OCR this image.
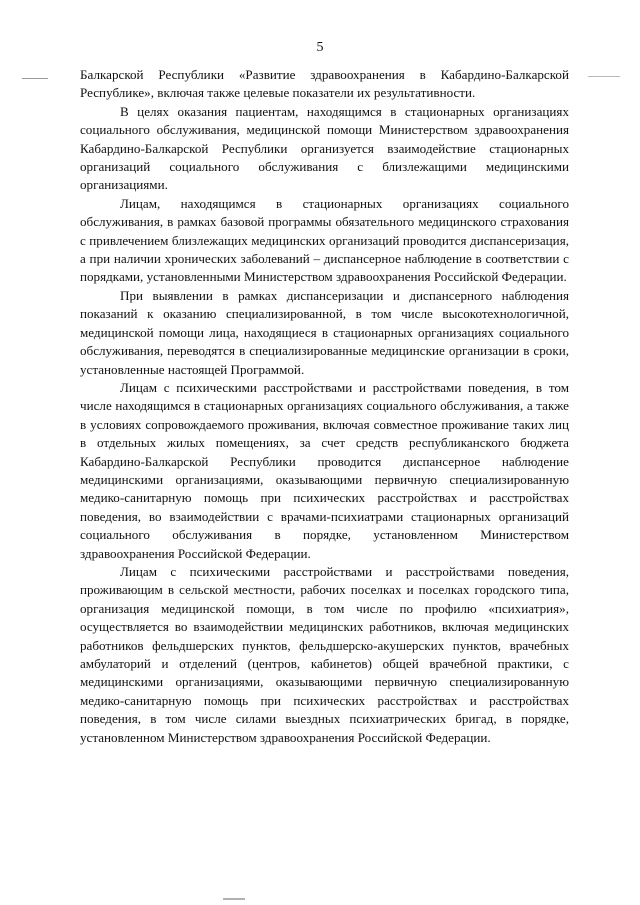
5

Балкарской Республики «Развитие здравоохранения в Кабардино-Балкарской Республике», включая также целевые показатели их результативности.

В целях оказания пациентам, находящимся в стационарных организациях социального обслуживания, медицинской помощи Министерством здравоохранения Кабардино-Балкарской Республики организуется взаимодействие стационарных организаций социального обслуживания с близлежащими медицинскими организациями.

Лицам, находящимся в стационарных организациях социального обслуживания, в рамках базовой программы обязательного медицинского страхования с привлечением близлежащих медицинских организаций проводится диспансеризация, а при наличии хронических заболеваний – диспансерное наблюдение в соответствии с порядками, установленными Министерством здравоохранения Российской Федерации.

При выявлении в рамках диспансеризации и диспансерного наблюдения показаний к оказанию специализированной, в том числе высокотехнологичной, медицинской помощи лица, находящиеся в стационарных организациях социального обслуживания, переводятся в специализированные медицинские организации в сроки, установленные настоящей Программой.

Лицам с психическими расстройствами и расстройствами поведения, в том числе находящимся в стационарных организациях социального обслуживания, а также в условиях сопровождаемого проживания, включая совместное проживание таких лиц в отдельных жилых помещениях, за счет средств республиканского бюджета Кабардино-Балкарской Республики проводится диспансерное наблюдение медицинскими организациями, оказывающими первичную специализированную медико-санитарную помощь при психических расстройствах и расстройствах поведения, во взаимодействии с врачами-психиатрами стационарных организаций социального обслуживания в порядке, установленном Министерством здравоохранения Российской Федерации.

Лицам с психическими расстройствами и расстройствами поведения, проживающим в сельской местности, рабочих поселках и поселках городского типа, организация медицинской помощи, в том числе по профилю «психиатрия», осуществляется во взаимодействии медицинских работников, включая медицинских работников фельдшерских пунктов, фельдшерско-акушерских пунктов, врачебных амбулаторий и отделений (центров, кабинетов) общей врачебной практики, с медицинскими организациями, оказывающими первичную специализированную медико-санитарную помощь при психических расстройствах и расстройствах поведения, в том числе силами выездных психиатрических бригад, в порядке, установленном Министерством здравоохранения Российской Федерации.
